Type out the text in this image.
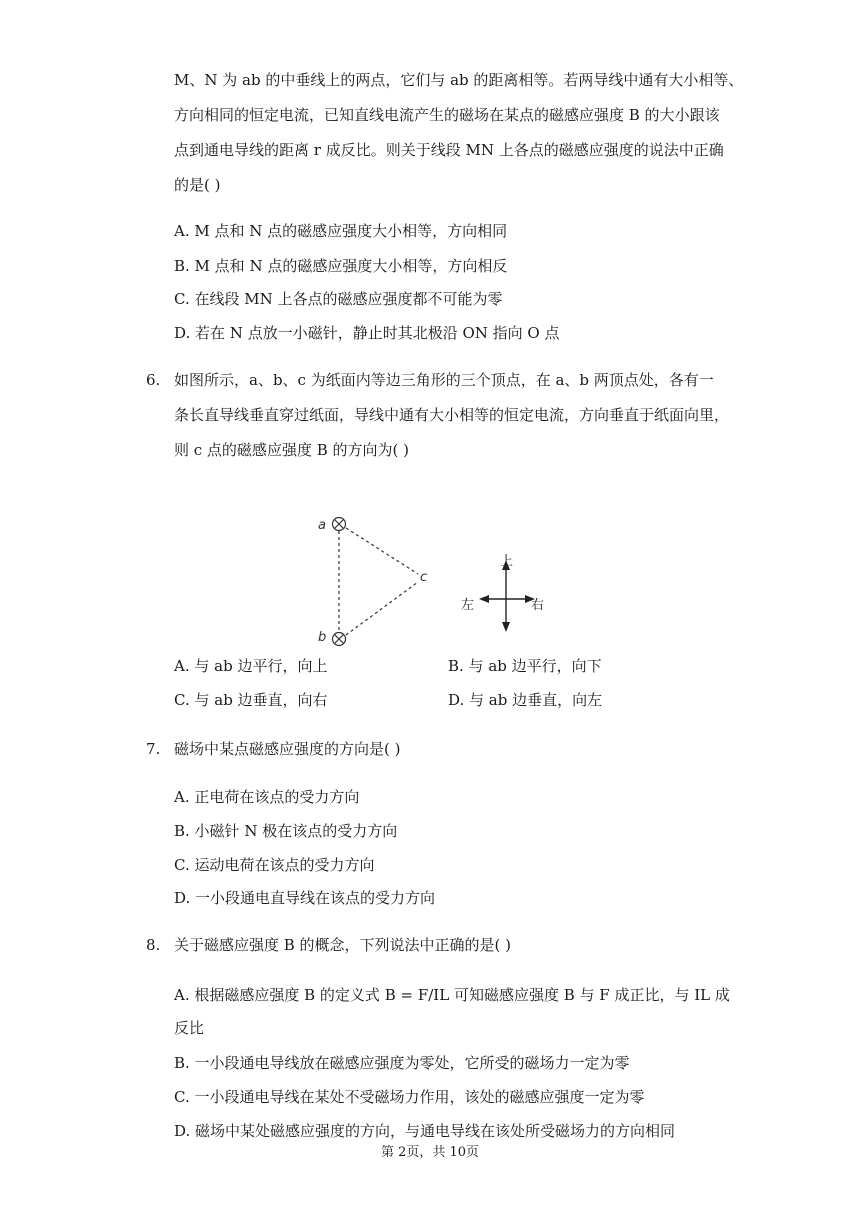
M、N 为 ab 的中垂线上的两点，它们与 ab 的距离相等。若两导线中通有大小相等、
方向相同的恒定电流，已知直线电流产生的磁场在某点的磁感应强度 B 的大小跟该
点到通电导线的距离 r 成反比。则关于线段 MN 上各点的磁感应强度的说法中正确
的是( )
A. M 点和 N 点的磁感应强度大小相等，方向相同
B. M 点和 N 点的磁感应强度大小相等，方向相反
C. 在线段 MN 上各点的磁感应强度都不可能为零
D. 若在 N 点放一小磁针，静止时其北极沿 ON 指向 O 点
6. 如图所示，a、b、c 为纸面内等边三角形的三个顶点，在 a、b 两顶点处，各有一
条长直导线垂直穿过纸面，导线中通有大小相等的恒定电流，方向垂直于纸面向里，
则 c 点的磁感应强度 B 的方向为( )
a
b
c
上
左	右
A. 与 ab 边平行，向上	B. 与 ab 边平行，向下
C. 与 ab 边垂直，向右	D. 与 ab 边垂直，向左
7. 磁场中某点磁感应强度的方向是( )
A. 正电荷在该点的受力方向
B. 小磁针 N 极在该点的受力方向
C. 运动电荷在该点的受力方向
D. 一小段通电直导线在该点的受力方向
8. 关于磁感应强度 B 的概念，下列说法中正确的是( )
A. 根据磁感应强度 B 的定义式 B = F/IL 可知磁感应强度 B 与 F 成正比，与 IL 成
反比
B. 一小段通电导线放在磁感应强度为零处，它所受的磁场力一定为零
C. 一小段通电导线在某处不受磁场力作用，该处的磁感应强度一定为零
D. 磁场中某处磁感应强度的方向，与通电导线在该处所受磁场力的方向相同
第 2页，共 10页
